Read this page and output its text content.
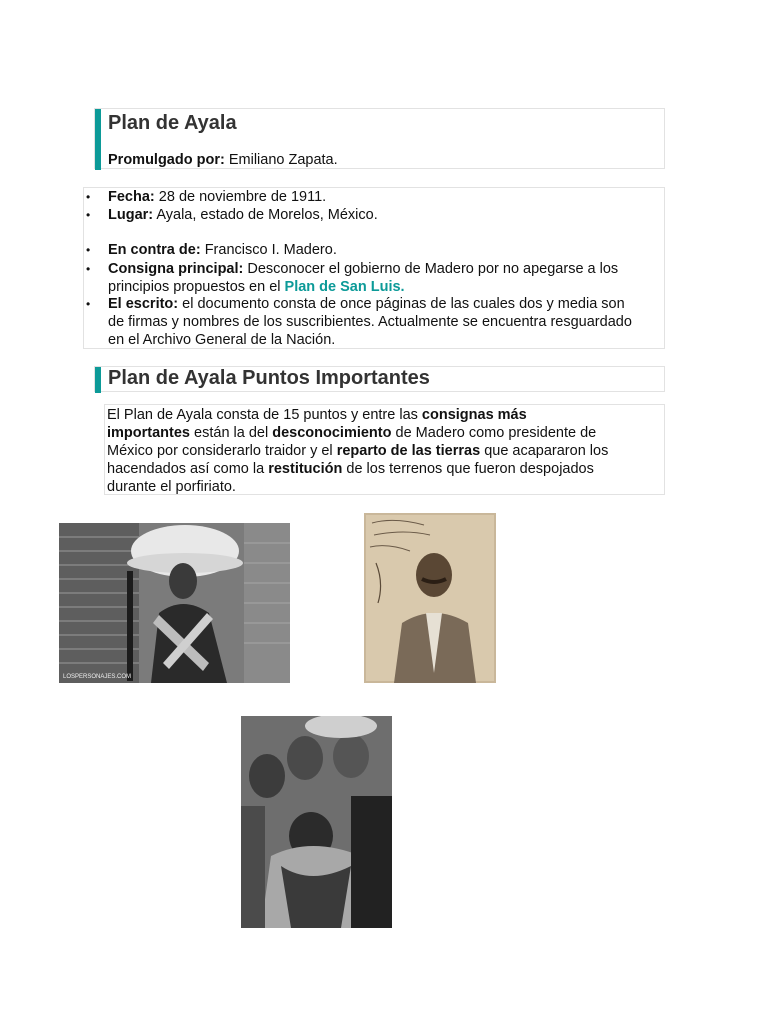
Plan de Ayala
Promulgado por: Emiliano Zapata.
• Fecha: 28 de noviembre de 1911.
• Lugar: Ayala, estado de Morelos, México.
• En contra de: Francisco I. Madero.
• Consigna principal: Desconocer el gobierno de Madero por no apegarse a los
principios propuestos en el Plan de San Luis.
• El escrito: el documento consta de once páginas de las cuales dos y media son
de firmas y nombres de los suscribientes. Actualmente se encuentra resguardado
en el Archivo General de la Nación.
Plan de Ayala Puntos Importantes
El Plan de Ayala consta de 15 puntos y entre las consignas más
importantes están la del desconocimiento de Madero como presidente de
México por considerarlo traidor y el reparto de las tierras que acapararon los
hacendados así como la restitución de los terrenos que fueron despojados
durante el porfiriato.
LOSPERSONAJES.COM
